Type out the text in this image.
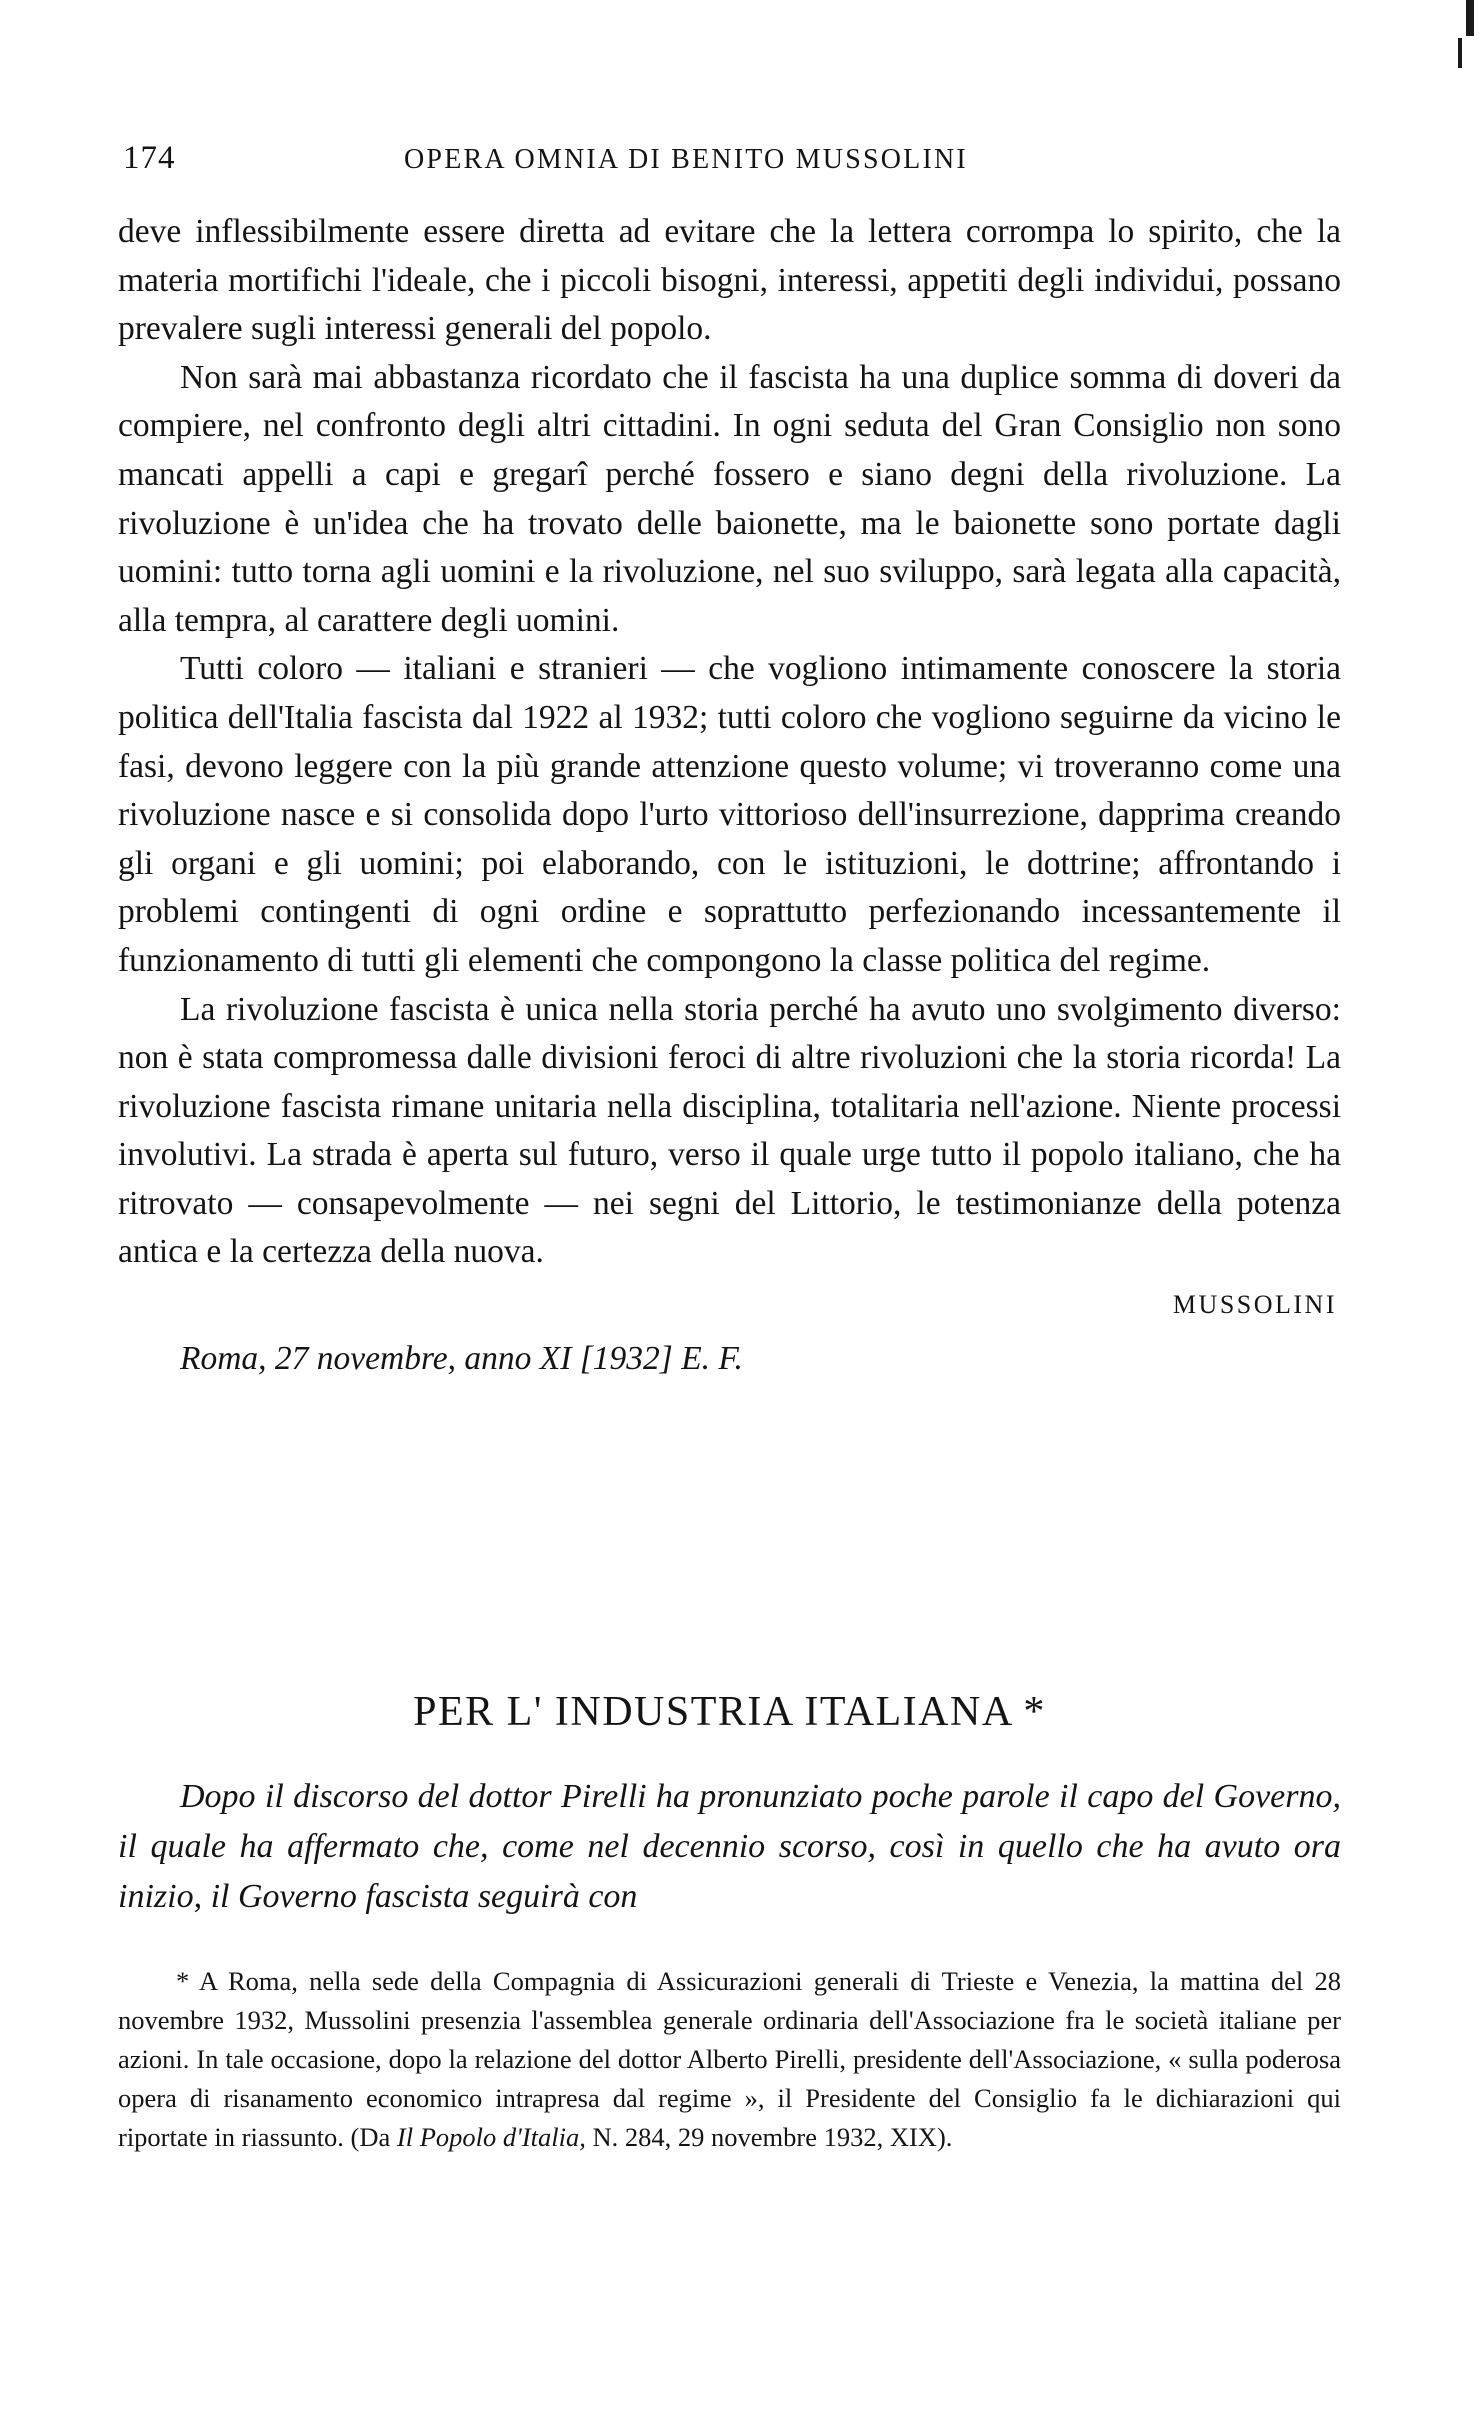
174	OPERA OMNIA DI BENITO MUSSOLINI

deve inflessibilmente essere diretta ad evitare che la lettera corrompa lo spirito, che la materia mortifichi l'ideale, che i piccoli bisogni, interessi, appetiti degli individui, possano prevalere sugli interessi generali del popolo.

Non sarà mai abbastanza ricordato che il fascista ha una duplice somma di doveri da compiere, nel confronto degli altri cittadini. In ogni seduta del Gran Consiglio non sono mancati appelli a capi e gregarî perché fossero e siano degni della rivoluzione. La rivoluzione è un'idea che ha trovato delle baionette, ma le baionette sono portate dagli uomini: tutto torna agli uomini e la rivoluzione, nel suo sviluppo, sarà legata alla capacità, alla tempra, al carattere degli uomini.

Tutti coloro — italiani e stranieri — che vogliono intimamente conoscere la storia politica dell'Italia fascista dal 1922 al 1932; tutti coloro che vogliono seguirne da vicino le fasi, devono leggere con la più grande attenzione questo volume; vi troveranno come una rivoluzione nasce e si consolida dopo l'urto vittorioso dell'insurrezione, dapprima creando gli organi e gli uomini; poi elaborando, con le istituzioni, le dottrine; affrontando i problemi contingenti di ogni ordine e soprattutto perfezionando incessantemente il funzionamento di tutti gli elementi che compongono la classe politica del regime.

La rivoluzione fascista è unica nella storia perché ha avuto uno svolgimento diverso: non è stata compromessa dalle divisioni feroci di altre rivoluzioni che la storia ricorda! La rivoluzione fascista rimane unitaria nella disciplina, totalitaria nell'azione. Niente processi involutivi. La strada è aperta sul futuro, verso il quale urge tutto il popolo italiano, che ha ritrovato — consapevolmente — nei segni del Littorio, le testimonianze della potenza antica e la certezza della nuova.

MUSSOLINI
Roma, 27 novembre, anno XI [1932] E. F.
PER L' INDUSTRIA ITALIANA *

Dopo il discorso del dottor Pirelli ha pronunziato poche parole il capo del Governo, il quale ha affermato che, come nel decennio scorso, così in quello che ha avuto ora inizio, il Governo fascista seguirà con

* A Roma, nella sede della Compagnia di Assicurazioni generali di Trieste e Venezia, la mattina del 28 novembre 1932, Mussolini presenzia l'assemblea generale ordinaria dell'Associazione fra le società italiane per azioni. In tale occasione, dopo la relazione del dottor Alberto Pirelli, presidente dell'Associazione, « sulla poderosa opera di risanamento economico intrapresa dal regime », il Presidente del Consiglio fa le dichiarazioni qui riportate in riassunto. (Da Il Popolo d'Italia, N. 284, 29 novembre 1932, XIX).
